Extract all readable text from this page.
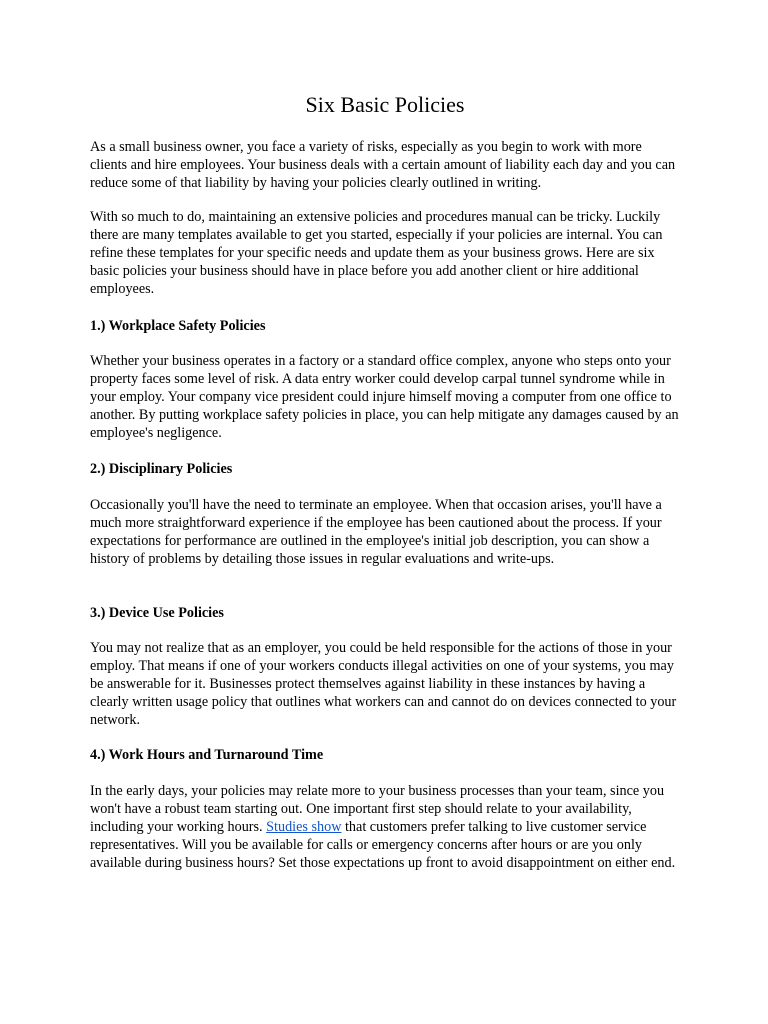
Six Basic Policies

As a small business owner, you face a variety of risks, especially as you begin to work with more clients and hire employees. Your business deals with a certain amount of liability each day and you can reduce some of that liability by having your policies clearly outlined in writing.

With so much to do, maintaining an extensive policies and procedures manual can be tricky. Luckily there are many templates available to get you started, especially if your policies are internal. You can refine these templates for your specific needs and update them as your business grows. Here are six basic policies your business should have in place before you add another client or hire additional employees.

1.) Workplace Safety Policies

Whether your business operates in a factory or a standard office complex, anyone who steps onto your property faces some level of risk. A data entry worker could develop carpal tunnel syndrome while in your employ. Your company vice president could injure himself moving a computer from one office to another. By putting workplace safety policies in place, you can help mitigate any damages caused by an employee's negligence.

2.) Disciplinary Policies

Occasionally you'll have the need to terminate an employee. When that occasion arises, you'll have a much more straightforward experience if the employee has been cautioned about the process. If your expectations for performance are outlined in the employee's initial job description, you can show a history of problems by detailing those issues in regular evaluations and write-ups.

3.) Device Use Policies

You may not realize that as an employer, you could be held responsible for the actions of those in your employ. That means if one of your workers conducts illegal activities on one of your systems, you may be answerable for it. Businesses protect themselves against liability in these instances by having a clearly written usage policy that outlines what workers can and cannot do on devices connected to your network.

4.) Work Hours and Turnaround Time

In the early days, your policies may relate more to your business processes than your team, since you won't have a robust team starting out. One important first step should relate to your availability, including your working hours. Studies show that customers prefer talking to live customer service representatives. Will you be available for calls or emergency concerns after hours or are you only available during business hours? Set those expectations up front to avoid disappointment on either end.
